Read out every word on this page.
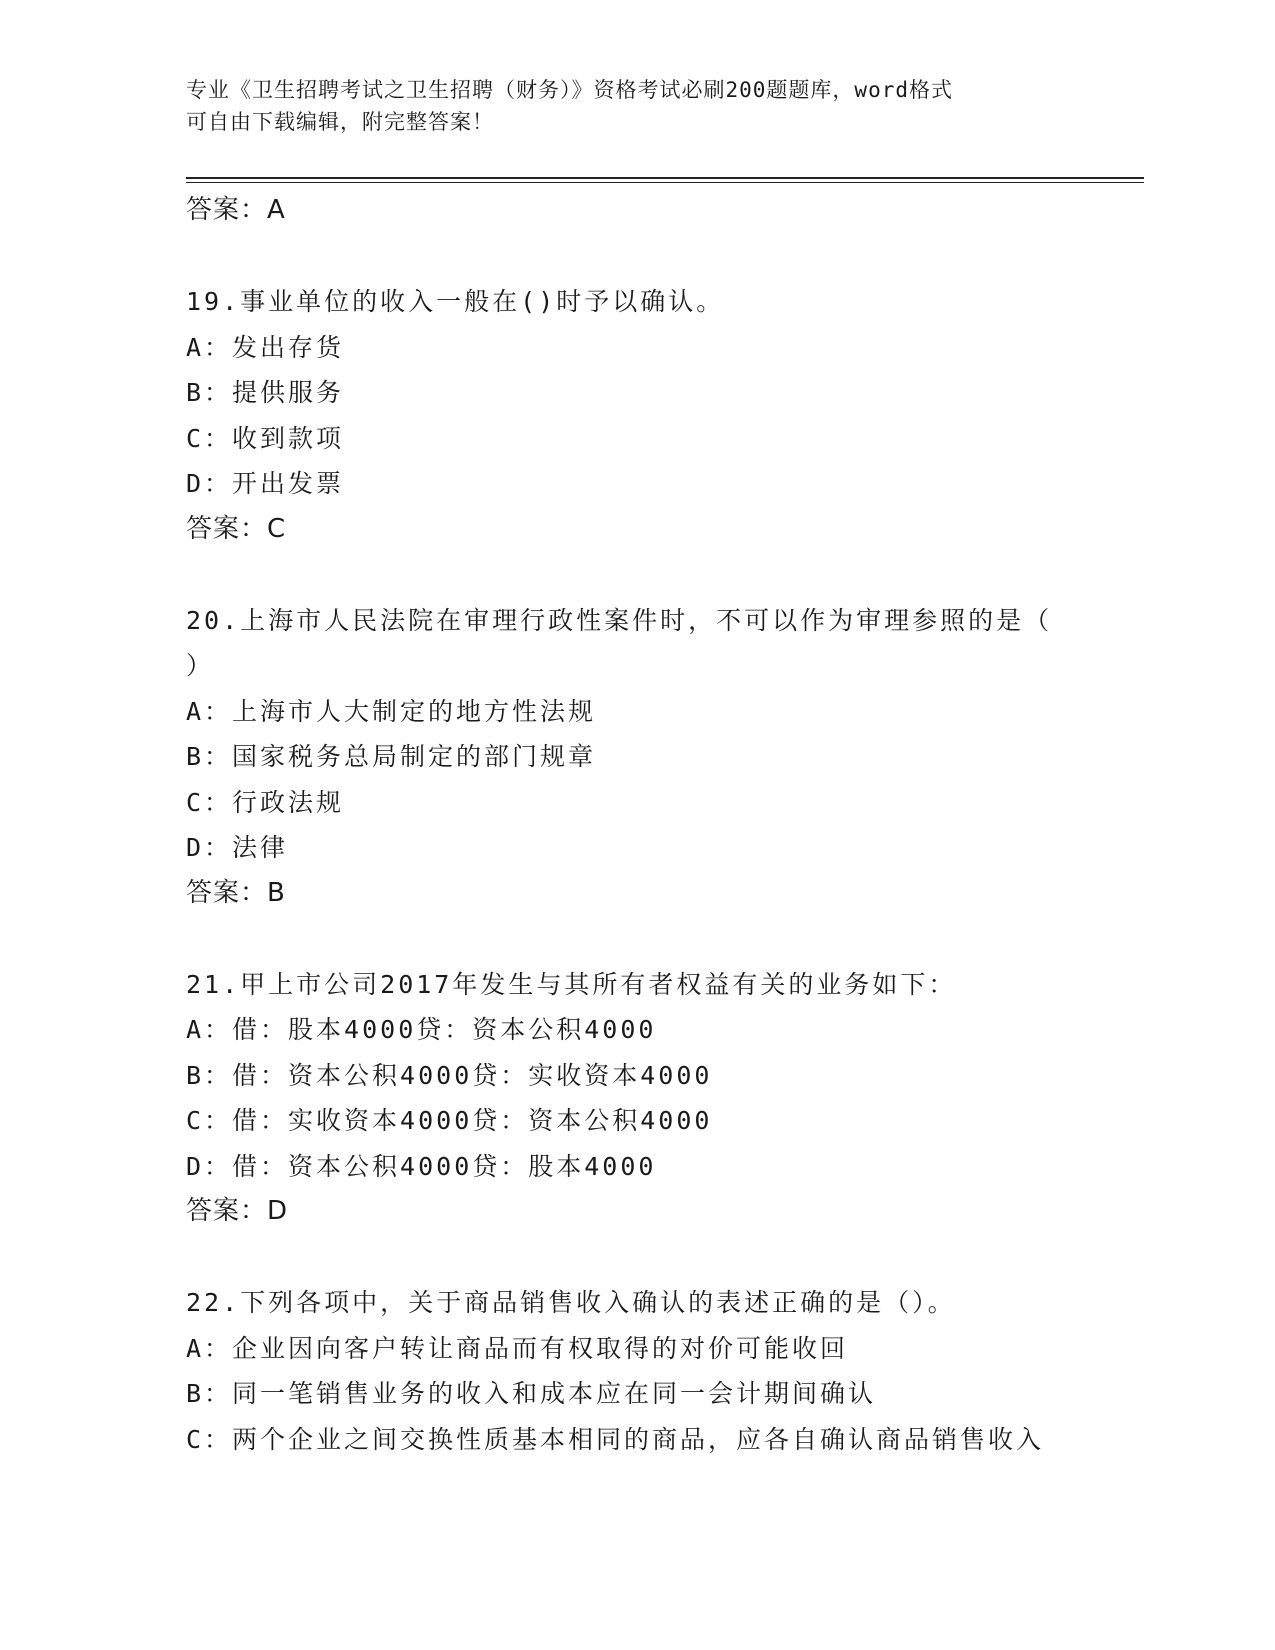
专业《卫生招聘考试之卫生招聘（财务）》资格考试必刷200题题库，word格式
可自由下载编辑，附完整答案！
答案：A
19.事业单位的收入一般在()时予以确认。
A：发出存货
B：提供服务
C：收到款项
D：开出发票
答案：C
20.上海市人民法院在审理行政性案件时，不可以作为审理参照的是（
）
A：上海市人大制定的地方性法规
B：国家税务总局制定的部门规章
C：行政法规
D：法律
答案：B
21.甲上市公司2017年发生与其所有者权益有关的业务如下：
A：借：股本4000贷：资本公积4000
B：借：资本公积4000贷：实收资本4000
C：借：实收资本4000贷：资本公积4000
D：借：资本公积4000贷：股本4000
答案：D
22.下列各项中，关于商品销售收入确认的表述正确的是（）。
A：企业因向客户转让商品而有权取得的对价可能收回
B：同一笔销售业务的收入和成本应在同一会计期间确认
C：两个企业之间交换性质基本相同的商品，应各自确认商品销售收入
